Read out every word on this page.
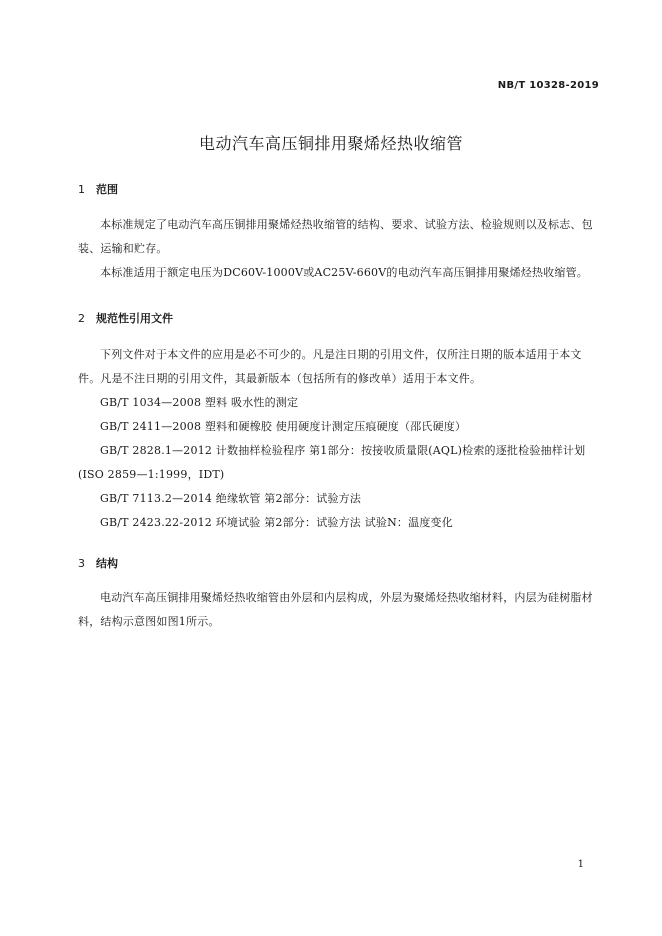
NB/T 10328-2019
电动汽车高压铜排用聚烯烃热收缩管
1 范围
本标准规定了电动汽车高压铜排用聚烯烃热收缩管的结构、要求、试验方法、检验规则以及标志、包装、运输和贮存。
本标准适用于额定电压为DC60V-1000V或AC25V-660V的电动汽车高压铜排用聚烯烃热收缩管。
2 规范性引用文件
下列文件对于本文件的应用是必不可少的。凡是注日期的引用文件，仅所注日期的版本适用于本文件。凡是不注日期的引用文件，其最新版本（包括所有的修改单）适用于本文件。
GB/T 1034—2008 塑料 吸水性的测定
GB/T 2411—2008 塑料和硬橡胶 使用硬度计测定压痕硬度（邵氏硬度）
GB/T 2828.1—2012 计数抽样检验程序 第1部分：按接收质量限(AQL)检索的逐批检验抽样计划(ISO 2859—1:1999，IDT)
GB/T 7113.2—2014 绝缘软管 第2部分：试验方法
GB/T 2423.22-2012 环境试验 第2部分：试验方法 试验N：温度变化
3 结构
电动汽车高压铜排用聚烯烃热收缩管由外层和内层构成，外层为聚烯烃热收缩材料，内层为硅树脂材料，结构示意图如图1所示。
1
